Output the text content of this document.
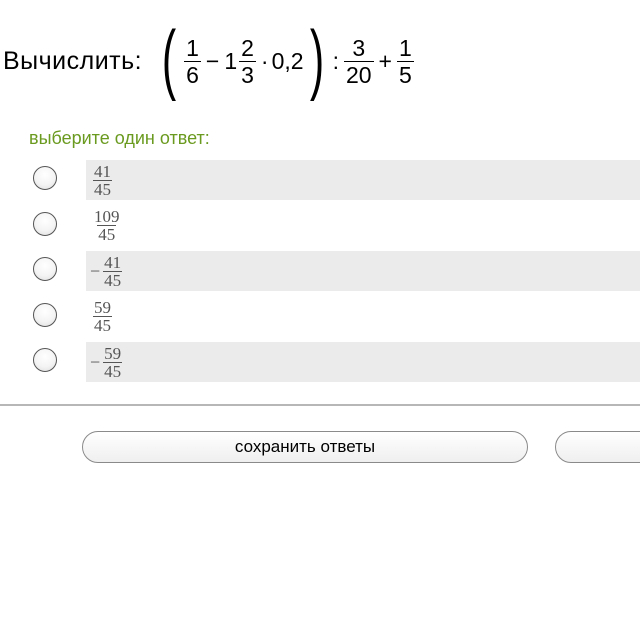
Вычислить: ( $\frac{1}{6} - 1 \frac{2}{3} \cdot 0,2$ ) : $\frac{3}{20} + \frac{1}{5}$
выберите один ответ:
$\frac{41}{45}$
$\frac{109}{45}$
− $\frac{41}{45}$
$\frac{59}{45}$
− $\frac{59}{45}$
сохранить ответы
